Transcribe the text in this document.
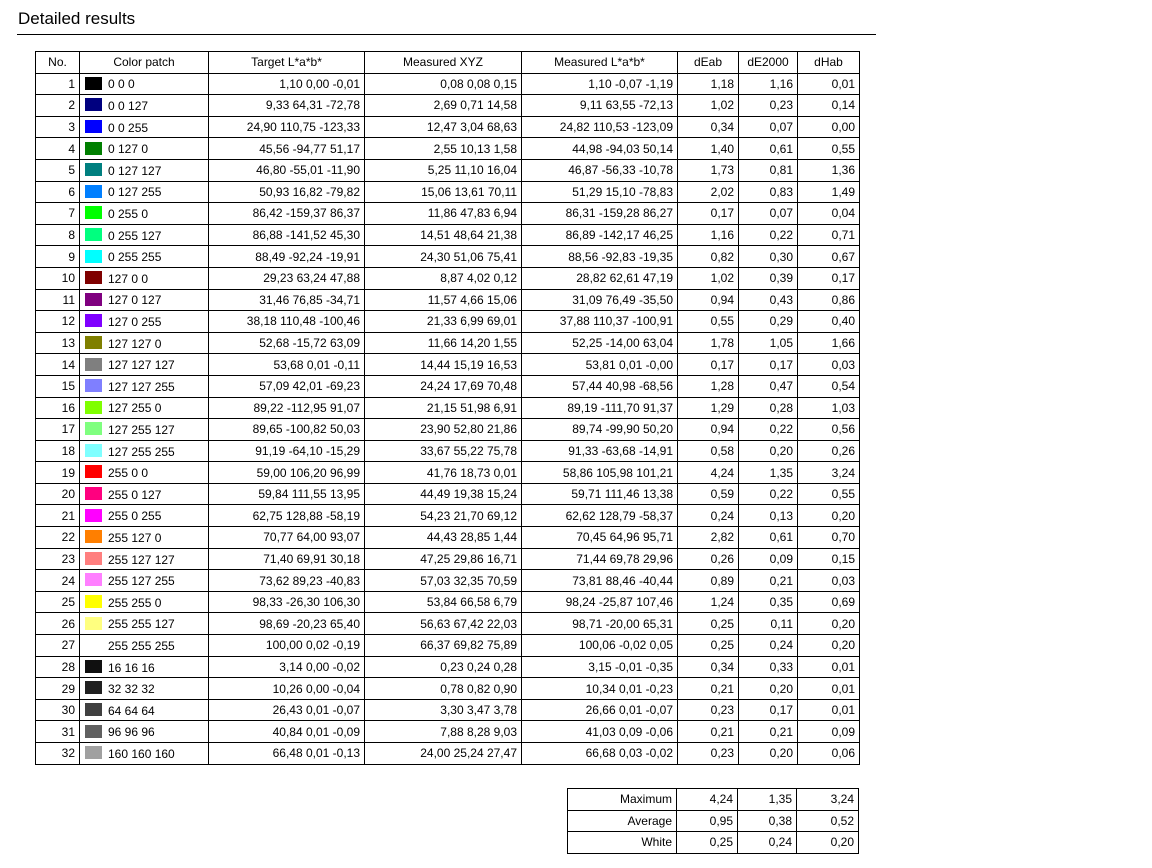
Detailed results
No.	Color patch	Target L*a*b*	Measured XYZ	Measured L*a*b*	dEab	dE2000	dHab
1	0 0 0	1,10 0,00 -0,01	0,08 0,08 0,15	1,10 -0,07 -1,19	1,18	1,16	0,01
2	0 0 127	9,33 64,31 -72,78	2,69 0,71 14,58	9,11 63,55 -72,13	1,02	0,23	0,14
3	0 0 255	24,90 110,75 -123,33	12,47 3,04 68,63	24,82 110,53 -123,09	0,34	0,07	0,00
4	0 127 0	45,56 -94,77 51,17	2,55 10,13 1,58	44,98 -94,03 50,14	1,40	0,61	0,55
5	0 127 127	46,80 -55,01 -11,90	5,25 11,10 16,04	46,87 -56,33 -10,78	1,73	0,81	1,36
6	0 127 255	50,93 16,82 -79,82	15,06 13,61 70,11	51,29 15,10 -78,83	2,02	0,83	1,49
7	0 255 0	86,42 -159,37 86,37	11,86 47,83 6,94	86,31 -159,28 86,27	0,17	0,07	0,04
8	0 255 127	86,88 -141,52 45,30	14,51 48,64 21,38	86,89 -142,17 46,25	1,16	0,22	0,71
9	0 255 255	88,49 -92,24 -19,91	24,30 51,06 75,41	88,56 -92,83 -19,35	0,82	0,30	0,67
10	127 0 0	29,23 63,24 47,88	8,87 4,02 0,12	28,82 62,61 47,19	1,02	0,39	0,17
11	127 0 127	31,46 76,85 -34,71	11,57 4,66 15,06	31,09 76,49 -35,50	0,94	0,43	0,86
12	127 0 255	38,18 110,48 -100,46	21,33 6,99 69,01	37,88 110,37 -100,91	0,55	0,29	0,40
13	127 127 0	52,68 -15,72 63,09	11,66 14,20 1,55	52,25 -14,00 63,04	1,78	1,05	1,66
14	127 127 127	53,68 0,01 -0,11	14,44 15,19 16,53	53,81 0,01 -0,00	0,17	0,17	0,03
15	127 127 255	57,09 42,01 -69,23	24,24 17,69 70,48	57,44 40,98 -68,56	1,28	0,47	0,54
16	127 255 0	89,22 -112,95 91,07	21,15 51,98 6,91	89,19 -111,70 91,37	1,29	0,28	1,03
17	127 255 127	89,65 -100,82 50,03	23,90 52,80 21,86	89,74 -99,90 50,20	0,94	0,22	0,56
18	127 255 255	91,19 -64,10 -15,29	33,67 55,22 75,78	91,33 -63,68 -14,91	0,58	0,20	0,26
19	255 0 0	59,00 106,20 96,99	41,76 18,73 0,01	58,86 105,98 101,21	4,24	1,35	3,24
20	255 0 127	59,84 111,55 13,95	44,49 19,38 15,24	59,71 111,46 13,38	0,59	0,22	0,55
21	255 0 255	62,75 128,88 -58,19	54,23 21,70 69,12	62,62 128,79 -58,37	0,24	0,13	0,20
22	255 127 0	70,77 64,00 93,07	44,43 28,85 1,44	70,45 64,96 95,71	2,82	0,61	0,70
23	255 127 127	71,40 69,91 30,18	47,25 29,86 16,71	71,44 69,78 29,96	0,26	0,09	0,15
24	255 127 255	73,62 89,23 -40,83	57,03 32,35 70,59	73,81 88,46 -40,44	0,89	0,21	0,03
25	255 255 0	98,33 -26,30 106,30	53,84 66,58 6,79	98,24 -25,87 107,46	1,24	0,35	0,69
26	255 255 127	98,69 -20,23 65,40	56,63 67,42 22,03	98,71 -20,00 65,31	0,25	0,11	0,20
27	255 255 255	100,00 0,02 -0,19	66,37 69,82 75,89	100,06 -0,02 0,05	0,25	0,24	0,20
28	16 16 16	3,14 0,00 -0,02	0,23 0,24 0,28	3,15 -0,01 -0,35	0,34	0,33	0,01
29	32 32 32	10,26 0,00 -0,04	0,78 0,82 0,90	10,34 0,01 -0,23	0,21	0,20	0,01
30	64 64 64	26,43 0,01 -0,07	3,30 3,47 3,78	26,66 0,01 -0,07	0,23	0,17	0,01
31	96 96 96	40,84 0,01 -0,09	7,88 8,28 9,03	41,03 0,09 -0,06	0,21	0,21	0,09
32	160 160 160	66,48 0,01 -0,13	24,00 25,24 27,47	66,68 0,03 -0,02	0,23	0,20	0,06
Maximum	4,24	1,35	3,24
Average	0,95	0,38	0,52
White	0,25	0,24	0,20
